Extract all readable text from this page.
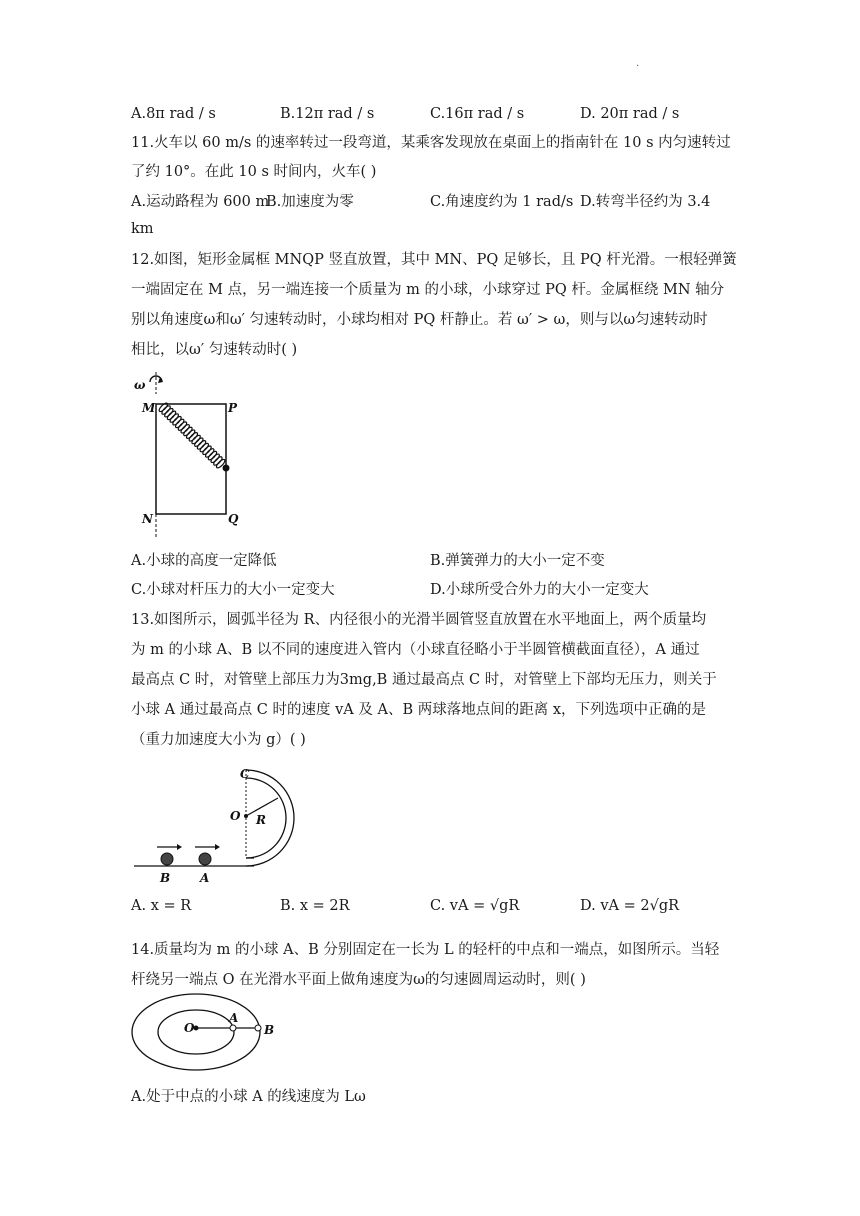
.
A.8π rad / s	B.12π rad / s	C.16π rad / s	D. 20π rad / s
11.火车以 60 m/s 的速率转过一段弯道，某乘客发现放在桌面上的指南针在 10 s 内匀速转过
了约 10°。在此 10 s 时间内，火车( )
A.运动路程为 600 m
B.加速度为零	C.角速度约为 1 rad/s D.转弯半径约为 3.4
km
12.如图，矩形金属框 MNQP 竖直放置，其中 MN、PQ 足够长，且 PQ 杆光滑。一根轻弹簧
一端固定在 M 点，另一端连接一个质量为 m 的小球，小球穿过 PQ 杆。金属框绕 MN 轴分
别以角速度ω和ω′ 匀速转动时，小球均相对 PQ 杆静止。若 ω′ > ω，则与以ω匀速转动时
相比，以ω′ 匀速转动时( )
ω
M	P
N	Q
A.小球的高度一定降低	B.弹簧弹力的大小一定不变
C.小球对杆压力的大小一定变大	D.小球所受合外力的大小一定变大
13.如图所示，圆弧半径为 R、内径很小的光滑半圆管竖直放置在水平地面上，两个质量均
为 m 的小球 A、B 以不同的速度进入管内（小球直径略小于半圆管横截面直径），A 通过
最高点 C 时，对管壁上部压力为3mg,B 通过最高点 C 时，对管壁上下部均无压力，则关于
小球 A 通过最高点 C 时的速度 vA 及 A、B 两球落地点间的距离 x，下列选项中正确的是
（重力加速度大小为 g）( )
C
O R
B A
A. x = R	B. x = 2R	C. vA = √gR	D. vA = 2√gR
14.质量均为 m 的小球 A、B 分别固定在一长为 L 的轻杆的中点和一端点，如图所示。当轻
杆绕另一端点 O 在光滑水平面上做角速度为ω的匀速圆周运动时，则( )
O
A
B
A.处于中点的小球 A 的线速度为 Lω
